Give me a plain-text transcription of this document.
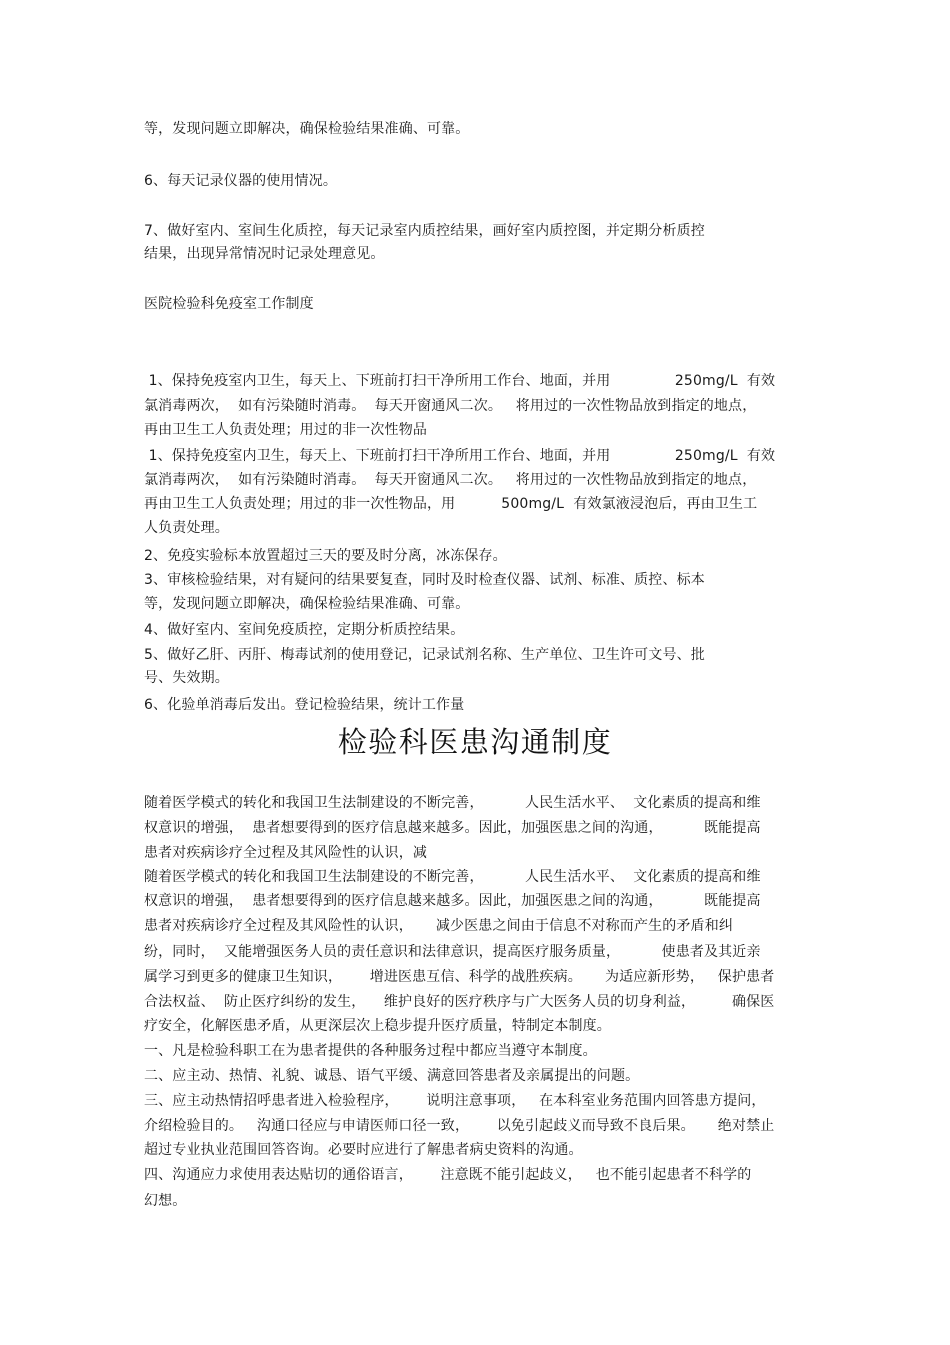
等，发现问题立即解决，确保检验结果准确、可靠。
6、每天记录仪器的使用情况。
7、做好室内、室间生化质控，每天记录室内质控结果，画好室内质控图，并定期分析质控
结果，出现异常情况时记录处理意见。
医院检验科免疫室工作制度
1、保持免疫室内卫生，每天上、下班前打扫干净所用工作台、地面，并用              250mg/L  有效
氯消毒两次，  如有污染随时消毒。  每天开窗通风二次。   将用过的一次性物品放到指定的地点，
再由卫生工人负责处理；用过的非一次性物品
1、保持免疫室内卫生，每天上、下班前打扫干净所用工作台、地面，并用              250mg/L  有效
氯消毒两次，  如有污染随时消毒。  每天开窗通风二次。   将用过的一次性物品放到指定的地点，
再由卫生工人负责处理；用过的非一次性物品，用          500mg/L  有效氯液浸泡后，再由卫生工
人负责处理。
2、免疫实验标本放置超过三天的要及时分离，冰冻保存。
3、审核检验结果，对有疑问的结果要复查，同时及时检查仪器、试剂、标准、质控、标本
等，发现问题立即解决，确保检验结果准确、可靠。
4、做好室内、室间免疫质控，定期分析质控结果。
5、做好乙肝、丙肝、梅毒试剂的使用登记，记录试剂名称、生产单位、卫生许可文号、批
号、失效期。
6、化验单消毒后发出。登记检验结果，统计工作量
检验科医患沟通制度
随着医学模式的转化和我国卫生法制建设的不断完善，         人民生活水平、  文化素质的提高和维
权意识的增强，  患者想要得到的医疗信息越来越多。因此，加强医患之间的沟通，         既能提高
患者对疾病诊疗全过程及其风险性的认识，减
随着医学模式的转化和我国卫生法制建设的不断完善，         人民生活水平、  文化素质的提高和维
权意识的增强，  患者想要得到的医疗信息越来越多。因此，加强医患之间的沟通，         既能提高
患者对疾病诊疗全过程及其风险性的认识，     减少医患之间由于信息不对称而产生的矛盾和纠
纷，同时，  又能增强医务人员的责任意识和法律意识，提高医疗服务质量，         使患者及其近亲
属学习到更多的健康卫生知识，      增进医患互信、科学的战胜疾病。     为适应新形势，   保护患者
合法权益、  防止医疗纠纷的发生，    维护良好的医疗秩序与广大医务人员的切身利益，        确保医
疗安全，化解医患矛盾，从更深层次上稳步提升医疗质量，特制定本制度。
一、凡是检验科职工在为患者提供的各种服务过程中都应当遵守本制度。
二、应主动、热情、礼貌、诚恳、语气平缓、满意回答患者及亲属提出的问题。
三、应主动热情招呼患者进入检验程序，      说明注意事项，   在本科室业务范围内回答患方提问，
介绍检验目的。   沟通口径应与申请医师口径一致，      以免引起歧义而导致不良后果。     绝对禁止
超过专业执业范围回答咨询。必要时应进行了解患者病史资料的沟通。
四、沟通应力求使用表达贴切的通俗语言，      注意既不能引起歧义，   也不能引起患者不科学的
幻想。
